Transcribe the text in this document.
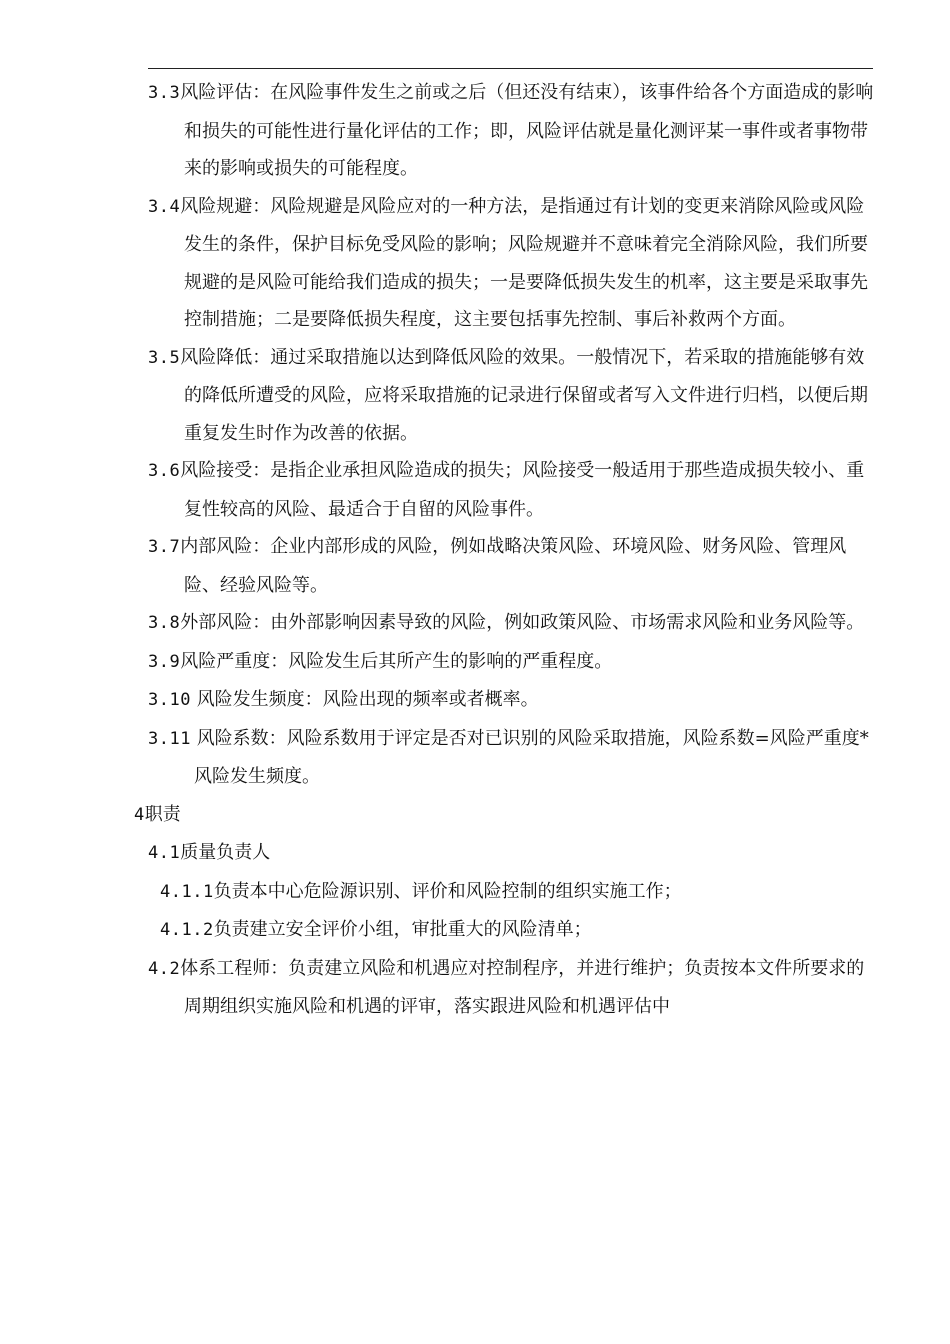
3.3风险评估：在风险事件发生之前或之后（但还没有结束），该事件给各个方面造成的影响和损失的可能性进行量化评估的工作；即，风险评估就是量化测评某一事件或者事物带来的影响或损失的可能程度。
3.4风险规避：风险规避是风险应对的一种方法，是指通过有计划的变更来消除风险或风险发生的条件，保护目标免受风险的影响；风险规避并不意味着完全消除风险，我们所要规避的是风险可能给我们造成的损失；一是要降低损失发生的机率，这主要是采取事先控制措施；二是要降低损失程度，这主要包括事先控制、事后补救两个方面。
3.5风险降低：通过采取措施以达到降低风险的效果。一般情况下，若采取的措施能够有效的降低所遭受的风险，应将采取措施的记录进行保留或者写入文件进行归档，以便后期重复发生时作为改善的依据。
3.6风险接受：是指企业承担风险造成的损失；风险接受一般适用于那些造成损失较小、重复性较高的风险、最适合于自留的风险事件。
3.7内部风险：企业内部形成的风险，例如战略决策风险、环境风险、财务风险、管理风险、经验风险等。
3.8外部风险：由外部影响因素导致的风险，例如政策风险、市场需求风险和业务风险等。
3.9风险严重度：风险发生后其所产生的影响的严重程度。
3.10 风险发生频度：风险出现的频率或者概率。
3.11 风险系数：风险系数用于评定是否对已识别的风险采取措施，风险系数=风险严重度*风险发生频度。
4职责
4.1质量负责人
4.1.1负责本中心危险源识别、评价和风险控制的组织实施工作；
4.1.2负责建立安全评价小组，审批重大的风险清单；
4.2体系工程师：负责建立风险和机遇应对控制程序，并进行维护；负责按本文件所要求的周期组织实施风险和机遇的评审，落实跟进风险和机遇评估中
